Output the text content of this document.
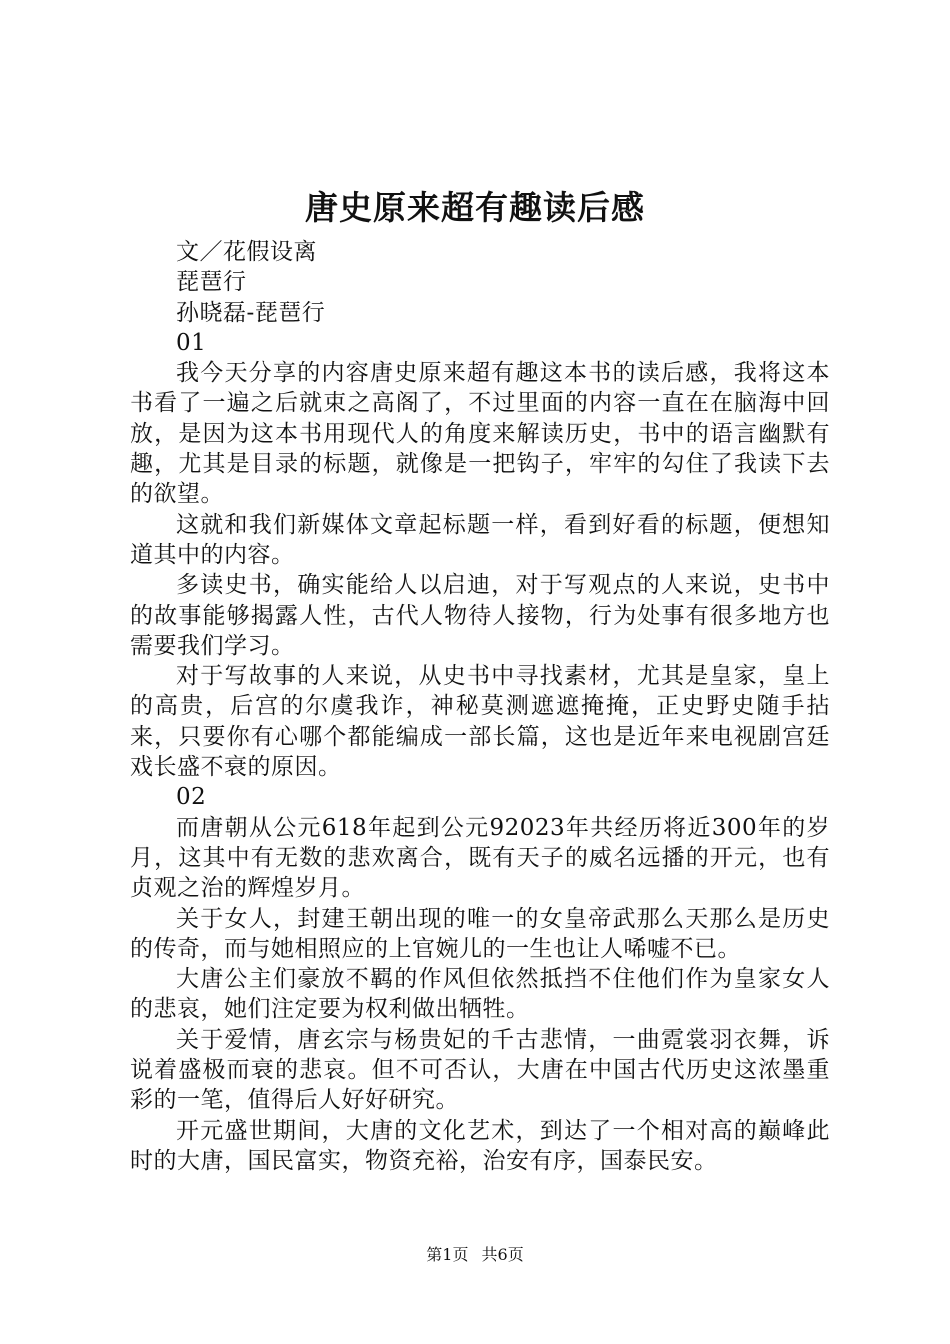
唐史原来超有趣读后感

文／花假设离

琵琶行

孙晓磊-琵琶行

01

我今天分享的内容唐史原来超有趣这本书的读后感，我将这本书看了一遍之后就束之高阁了，不过里面的内容一直在在脑海中回放，是因为这本书用现代人的角度来解读历史，书中的语言幽默有趣，尤其是目录的标题，就像是一把钩子，牢牢的勾住了我读下去的欲望。

这就和我们新媒体文章起标题一样，看到好看的标题，便想知道其中的内容。

多读史书，确实能给人以启迪，对于写观点的人来说，史书中的故事能够揭露人性，古代人物待人接物，行为处事有很多地方也需要我们学习。

对于写故事的人来说，从史书中寻找素材，尤其是皇家，皇上的高贵，后宫的尔虞我诈，神秘莫测遮遮掩掩，正史野史随手拈来，只要你有心哪个都能编成一部长篇，这也是近年来电视剧宫廷戏长盛不衰的原因。

02

而唐朝从公元618年起到公元92023年共经历将近300年的岁月，这其中有无数的悲欢离合，既有天子的威名远播的开元，也有贞观之治的辉煌岁月。

关于女人，封建王朝出现的唯一的女皇帝武那么天那么是历史的传奇，而与她相照应的上官婉儿的一生也让人唏嘘不已。

大唐公主们豪放不羁的作风但依然抵挡不住他们作为皇家女人的悲哀，她们注定要为权利做出牺牲。

关于爱情，唐玄宗与杨贵妃的千古悲情，一曲霓裳羽衣舞，诉说着盛极而衰的悲哀。但不可否认，大唐在中国古代历史这浓墨重彩的一笔，值得后人好好研究。

开元盛世期间，大唐的文化艺术，到达了一个相对高的巅峰此时的大唐，国民富实，物资充裕，治安有序，国泰民安。

第1页 共6页
